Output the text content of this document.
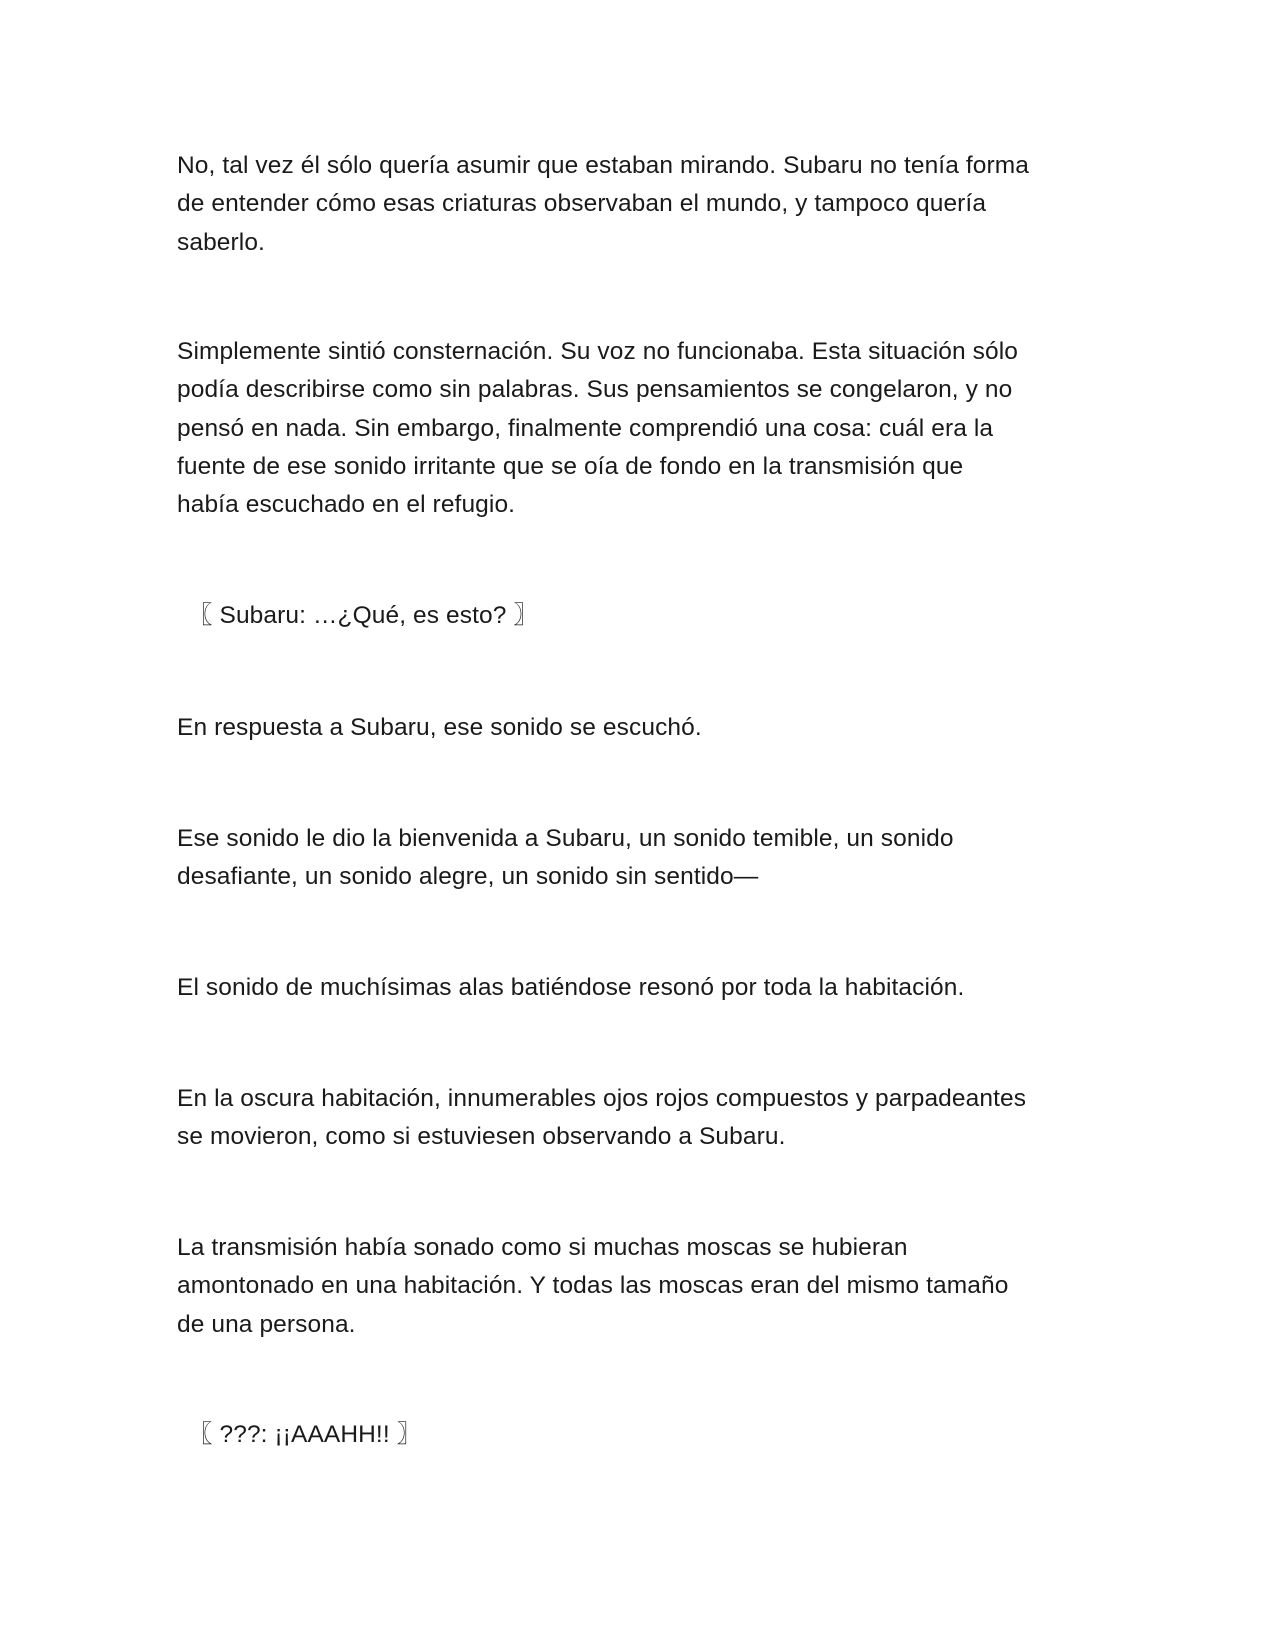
No, tal vez él sólo quería asumir que estaban mirando. Subaru no tenía forma
de entender cómo esas criaturas observaban el mundo, y tampoco quería
saberlo.

Simplemente sintió consternación. Su voz no funcionaba. Esta situación sólo
podía describirse como sin palabras. Sus pensamientos se congelaron, y no
pensó en nada. Sin embargo, finalmente comprendió una cosa: cuál era la
fuente de ese sonido irritante que se oía de fondo en la transmisión que
había escuchado en el refugio.

〖 Subaru: …¿Qué, es esto? 〗

En respuesta a Subaru, ese sonido se escuchó.

Ese sonido le dio la bienvenida a Subaru, un sonido temible, un sonido
desafiante, un sonido alegre, un sonido sin sentido—

El sonido de muchísimas alas batiéndose resonó por toda la habitación.

En la oscura habitación, innumerables ojos rojos compuestos y parpadeantes
se movieron, como si estuviesen observando a Subaru.

La transmisión había sonado como si muchas moscas se hubieran
amontonado en una habitación. Y todas las moscas eran del mismo tamaño
de una persona.

〖 ???: ¡¡AAAHH!! 〗
